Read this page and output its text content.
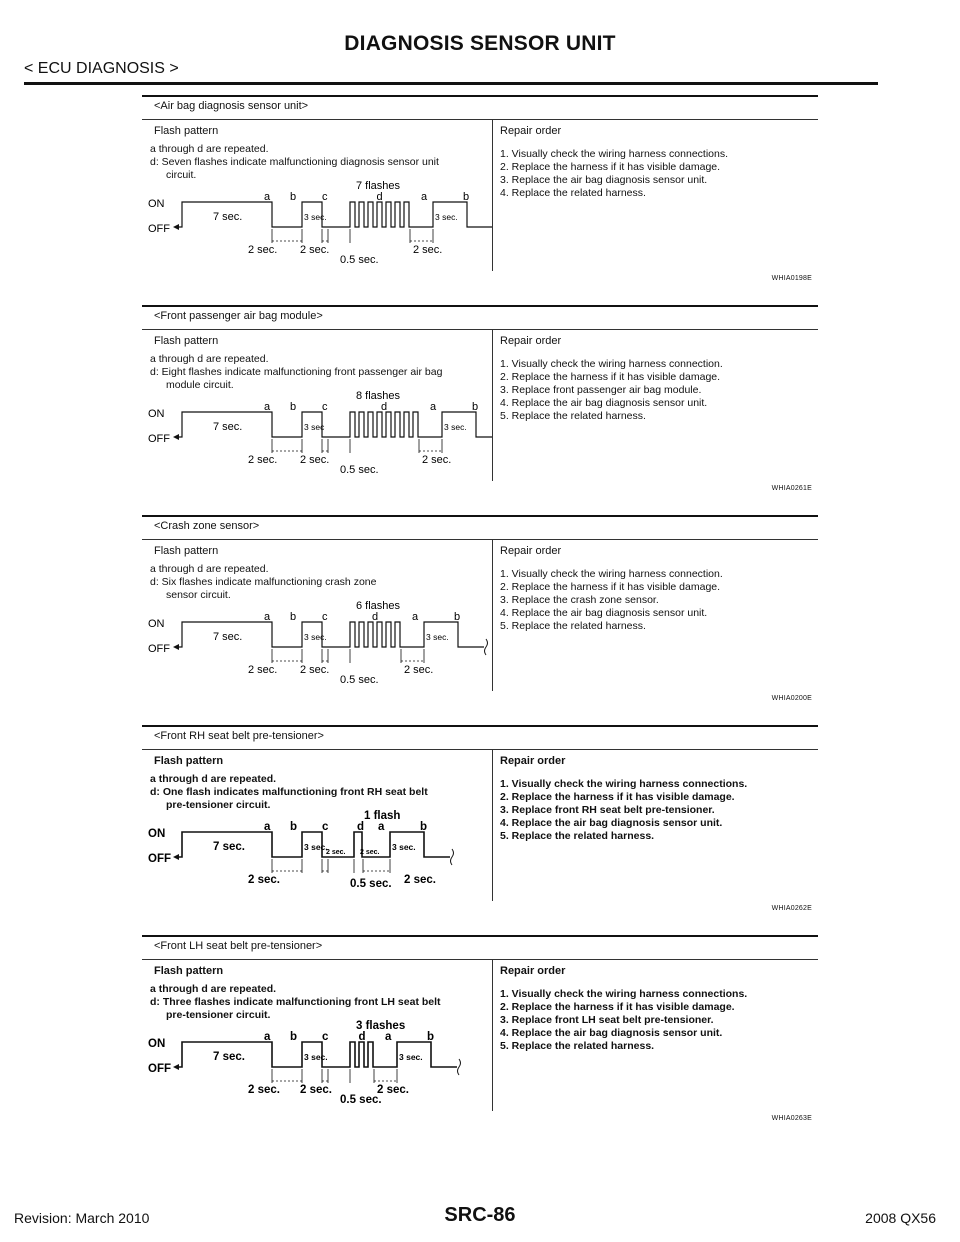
DIAGNOSIS SENSOR UNIT
< ECU DIAGNOSIS >
<Air bag diagnosis sensor unit>
Flash pattern	Repair order
a through d are repeated.
d: Seven flashes indicate malfunctioning diagnosis sensor unit
circuit.
1. Visually check the wiring harness connections.
2. Replace the harness if it has visible damage.
3. Replace the air bag diagnosis sensor unit.
4. Replace the related harness.
ON
OFF
7 flashes
a b c	d	a	b
7 sec.	3 sec.	3 sec.
2 sec. 2 sec.
0.5 sec.
2 sec.
WHIA0198E
<Front passenger air bag module>
Flash pattern	Repair order
a through d are repeated.
d: Eight flashes indicate malfunctioning front passenger air bag
module circuit.
1. Visually check the wiring harness connection.
2. Replace the harness if it has visible damage.
3. Replace front passenger air bag module.
4. Replace the air bag diagnosis sensor unit.
5. Replace the related harness.
ON
OFF
8 flashes
a b c	d	a	b
7 sec.	3 sec	3 sec.
2 sec. 2 sec.
0.5 sec.
2 sec.
WHIA0261E
<Crash zone sensor>
Flash pattern	Repair order
a through d are repeated.
d: Six flashes indicate malfunctioning crash zone
sensor circuit.
1. Visually check the wiring harness connection.
2. Replace the harness if it has visible damage.
3. Replace the crash zone sensor.
4. Replace the air bag diagnosis sensor unit.
5. Replace the related harness.
ON
OFF
6 flashes
a b c	d	a	b
7 sec.	3 sec.	3 sec.
2 sec. 2 sec.
0.5 sec.
2 sec.
WHIA0200E
<Front RH seat belt pre-tensioner>
Flash pattern	Repair order
a through d are repeated.
d: One flash indicates malfunctioning front RH seat belt
pre-tensioner circuit.
1. Visually check the wiring harness connections.
2. Replace the harness if it has visible damage.
3. Replace front RH seat belt pre-tensioner.
4. Replace the air bag diagnosis sensor unit.
5. Replace the related harness.
ON
OFF
1 flash
a b c d a	b
7 sec.	3 sec.	3 sec.
2 sec.	0.5 sec. 2 sec.
2 sec. 2 sec.
WHIA0262E
<Front LH seat belt pre-tensioner>
Flash pattern	Repair order
a through d are repeated.
d: Three flashes indicate malfunctioning front LH seat belt
pre-tensioner circuit.
1. Visually check the wiring harness connections.
2. Replace the harness if it has visible damage.
3. Replace front LH seat belt pre-tensioner.
4. Replace the air bag diagnosis sensor unit.
5. Replace the related harness.
ON
OFF
3 flashes
a b c	d a	b
7 sec.	3 sec.	3 sec.
2 sec. 2 sec.
0.5 sec.
2 sec.
WHIA0263E
Revision: March 2010	SRC-86	2008 QX56
